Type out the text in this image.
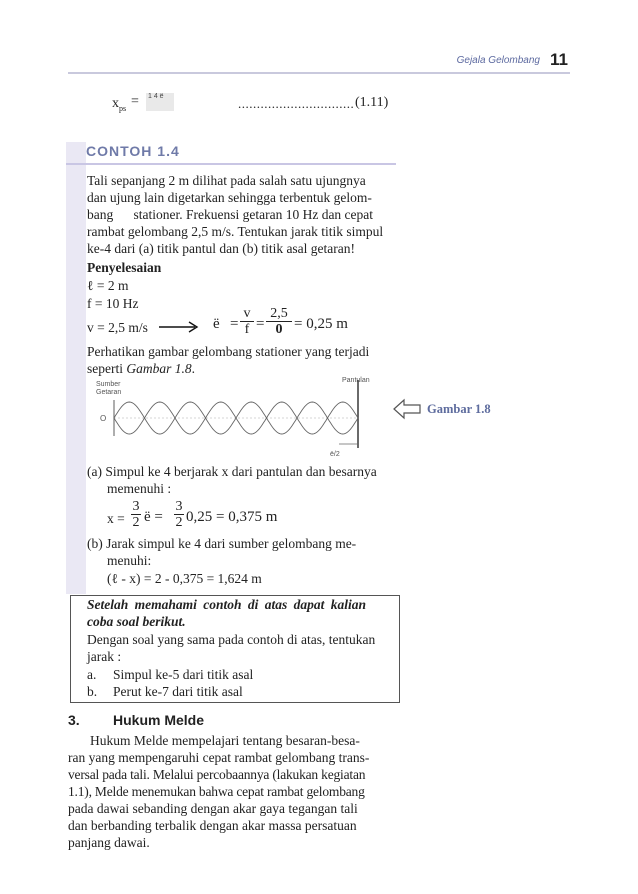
Gejala Gelombang 11
$x_{ps} = 1$ 4 ë	............................... (1.11)
CONTOH 1.4
Tali sepanjang 2 m dilihat pada salah satu ujungnya
dan ujung lain digetarkan sehingga terbentuk gelom-
bang      stationer. Frekuensi getaran 10 Hz dan cepat
rambat gelombang 2,5 m/s. Tentukan jarak titik simpul
ke-4 dari (a) titik pantul dan (b) titik asal getaran!
Penyelesaian
ℓ = 2 m
f = 10 Hz
v = 2,5 m/s	ë = $\frac{v}{f} = \frac{2,5}{0} = 0,25$ m
Perhatikan gambar gelombang stationer yang terjadi
seperti Gambar 1.8.
Sumber
Getaran
O
Pantulan
ë/2
Gambar 1.8
(a) Simpul ke 4 berjarak x dari pantulan dan besarnya
memenuhi :
$x = \frac{3}{2}$ ë = $\frac{3}{2} 0,25 = 0,375$ m
(b) Jarak simpul ke 4 dari sumber gelombang me-
menuhi:
(ℓ - x) = 2 - 0,375 = 1,624 m
Setelah memahami contoh di atas dapat kalian
coba soal berikut.
Dengan soal yang sama pada contoh di atas, tentukan
jarak :
a. Simpul ke-5 dari titik asal
b. Perut ke-7 dari titik asal
3. Hukum Melde
Hukum Melde mempelajari tentang besaran-besa-
ran yang mempengaruhi cepat rambat gelombang trans-
versal pada tali. Melalui percobaannya (lakukan kegiatan
1.1), Melde menemukan bahwa cepat rambat gelombang
pada dawai sebanding dengan akar gaya tegangan tali
dan berbanding terbalik dengan akar massa persatuan
panjang dawai.
